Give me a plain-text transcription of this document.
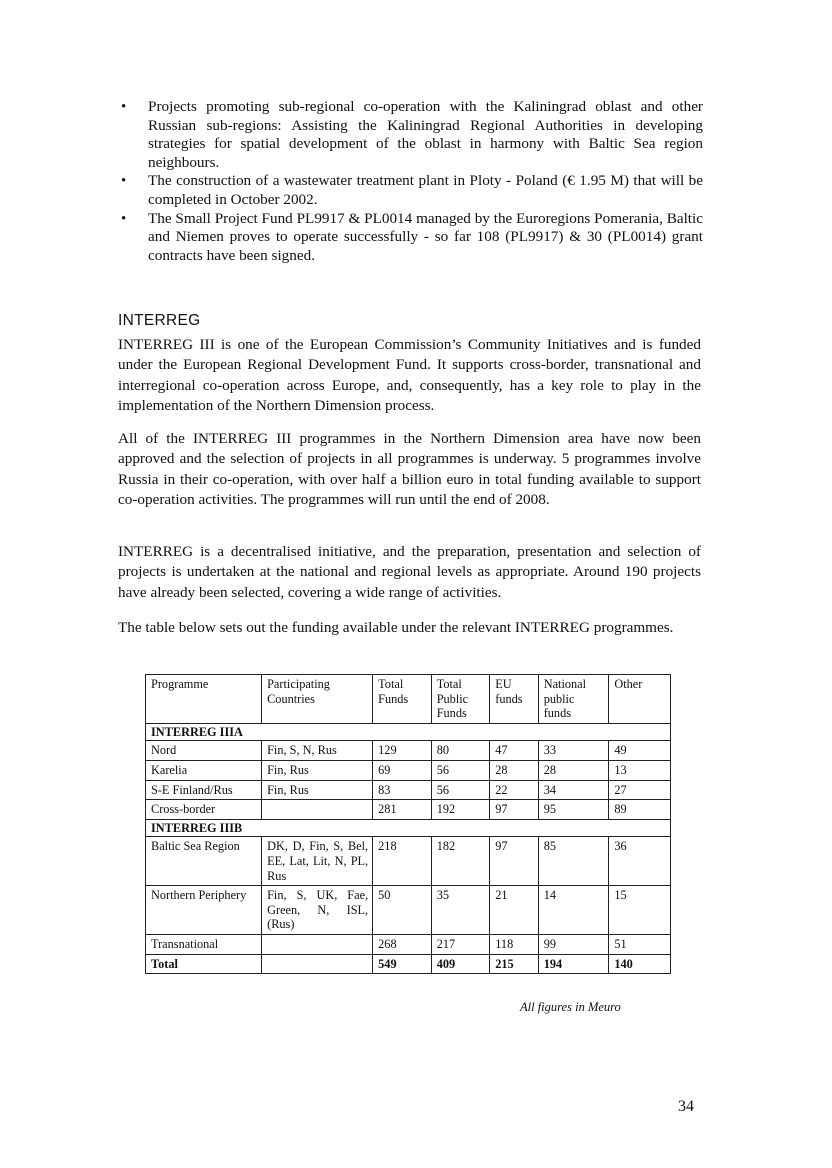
• Projects promoting sub-regional co-operation with the Kaliningrad oblast and other Russian sub-regions: Assisting the Kaliningrad Regional Authorities in developing strategies for spatial development of the oblast in harmony with Baltic Sea region neighbours.
• The construction of a wastewater treatment plant in Ploty - Poland (€ 1.95 M) that will be completed in October 2002.
• The Small Project Fund PL9917 & PL0014 managed by the Euroregions Pomerania, Baltic and Niemen proves to operate successfully - so far 108 (PL9917) & 30 (PL0014) grant contracts have been signed.
INTERREG

INTERREG III is one of the European Commission’s Community Initiatives and is funded under the European Regional Development Fund. It supports cross-border, transnational and interregional co-operation across Europe, and, consequently, has a key role to play in the implementation of the Northern Dimension process.

All of the INTERREG III programmes in the Northern Dimension area have now been approved and the selection of projects in all programmes is underway. 5 programmes involve Russia in their co-operation, with over half a billion euro in total funding available to support co-operation activities. The programmes will run until the end of 2008.

INTERREG is a decentralised initiative, and the preparation, presentation and selection of projects is undertaken at the national and regional levels as appropriate. Around 190 projects have already been selected, covering a wide range of activities.

The table below sets out the funding available under the relevant INTERREG programmes.

Programme	Participating Countries	Total Funds	Total Public Funds	EU funds	National public funds	Other
INTERREG IIIA						
Nord	Fin, S, N, Rus	129	80	47	33	49
Karelia	Fin, Rus	69	56	28	28	13
S-E Finland/Rus	Fin, Rus	83	56	22	34	27
Cross-border		281	192	97	95	89
INTERREG IIIB						
Baltic Sea Region	DK, D, Fin, S, Bel, EE, Lat, Lit, N, PL, Rus	218	182	97	85	36
Northern Periphery	Fin, S, UK, Fae, Green, N, ISL, (Rus)	50	35	21	14	15
Transnational		268	217	118	99	51
Total		549	409	215	194	140
All figures in Meuro
34
